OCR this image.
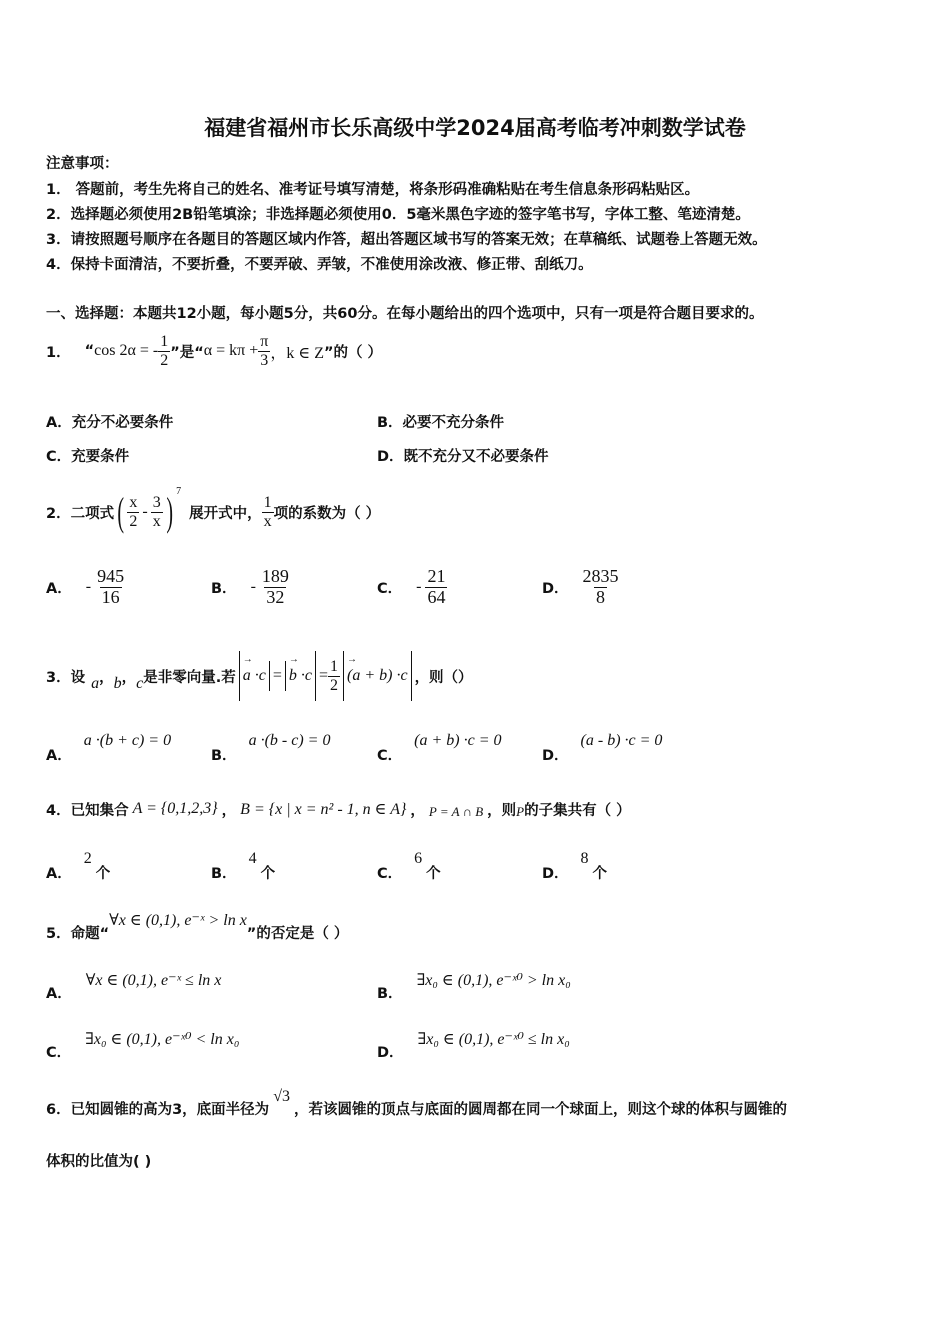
福建省福州市长乐高级中学2024届高考临考冲刺数学试卷
注意事项：
1． 答题前，考生先将自己的姓名、准考证号填写清楚，将条形码准确粘贴在考生信息条形码粘贴区。
2．选择题必须使用2B铅笔填涂；非选择题必须使用0．5毫米黑色字迹的签字笔书写，字体工整、笔迹清楚。
3．请按照题号顺序在各题目的答题区域内作答，超出答题区域书写的答案无效；在草稿纸、试题卷上答题无效。
4．保持卡面清洁，不要折叠，不要弄破、弄皱，不准使用涂改液、修正带、刮纸刀。
一、选择题：本题共12小题，每小题5分，共60分。在每小题给出的四个选项中，只有一项是符合题目要求的。
1． “ cos 2α = - $\frac{1}{2}$ ”是“ $\alpha = k\pi + \frac{\pi}{3}$ ，k ∈ Z ”的（ ）
A．充分不必要条件	B．必要不充分条件
C．充要条件	D．既不充分又不必要条件
2．二项式 ( $\frac{x}{2} - \frac{3}{x}$ ) 7
展开式中， $\frac{1}{x}$ 项的系数为（ ）
A． - $\frac{945}{16}$	B． - $\frac{189}{32}$	C． - $\frac{21}{64}$	D． $\frac{2835}{8}$
3．设 a ， b ， c 是非零向量.若
→ a ·c =
→ $b \cdot c = \frac{1}{2}$
→ (a + b) ·c ，则（）
A．
a ·(b + c) = 0
B．
a ·(b - c) = 0
C．
(a + b) ·c = 0
D．
(a - b) ·c = 0
4．已知集合 A = {0,1,2,3} ， B = {x | x = n² - 1, n ∈ A} ， P = A ∩ B ，则 P 的子集共有（ ）
A．
2
个	B．
4
个	C．
6
个	D．
8
个
5．命题“
∀x ∈ (0,1), e⁻ˣ > ln x
”的否定是（ ）
A．
∀x ∈ (0,1), e⁻ˣ ≤ ln x
B．
∃x₀ ∈ (0,1), e⁻ˣ⁰ > ln x₀
C．
∃x₀ ∈ (0,1), e⁻ˣ⁰ < ln x₀
D．
∃x₀ ∈ (0,1), e⁻ˣ⁰ ≤ ln x₀
6．已知圆锥的高为3，底面半径为
√3
，若该圆锥的顶点与底面的圆周都在同一个球面上，则这个球的体积与圆锥的
体积的比值为( )
